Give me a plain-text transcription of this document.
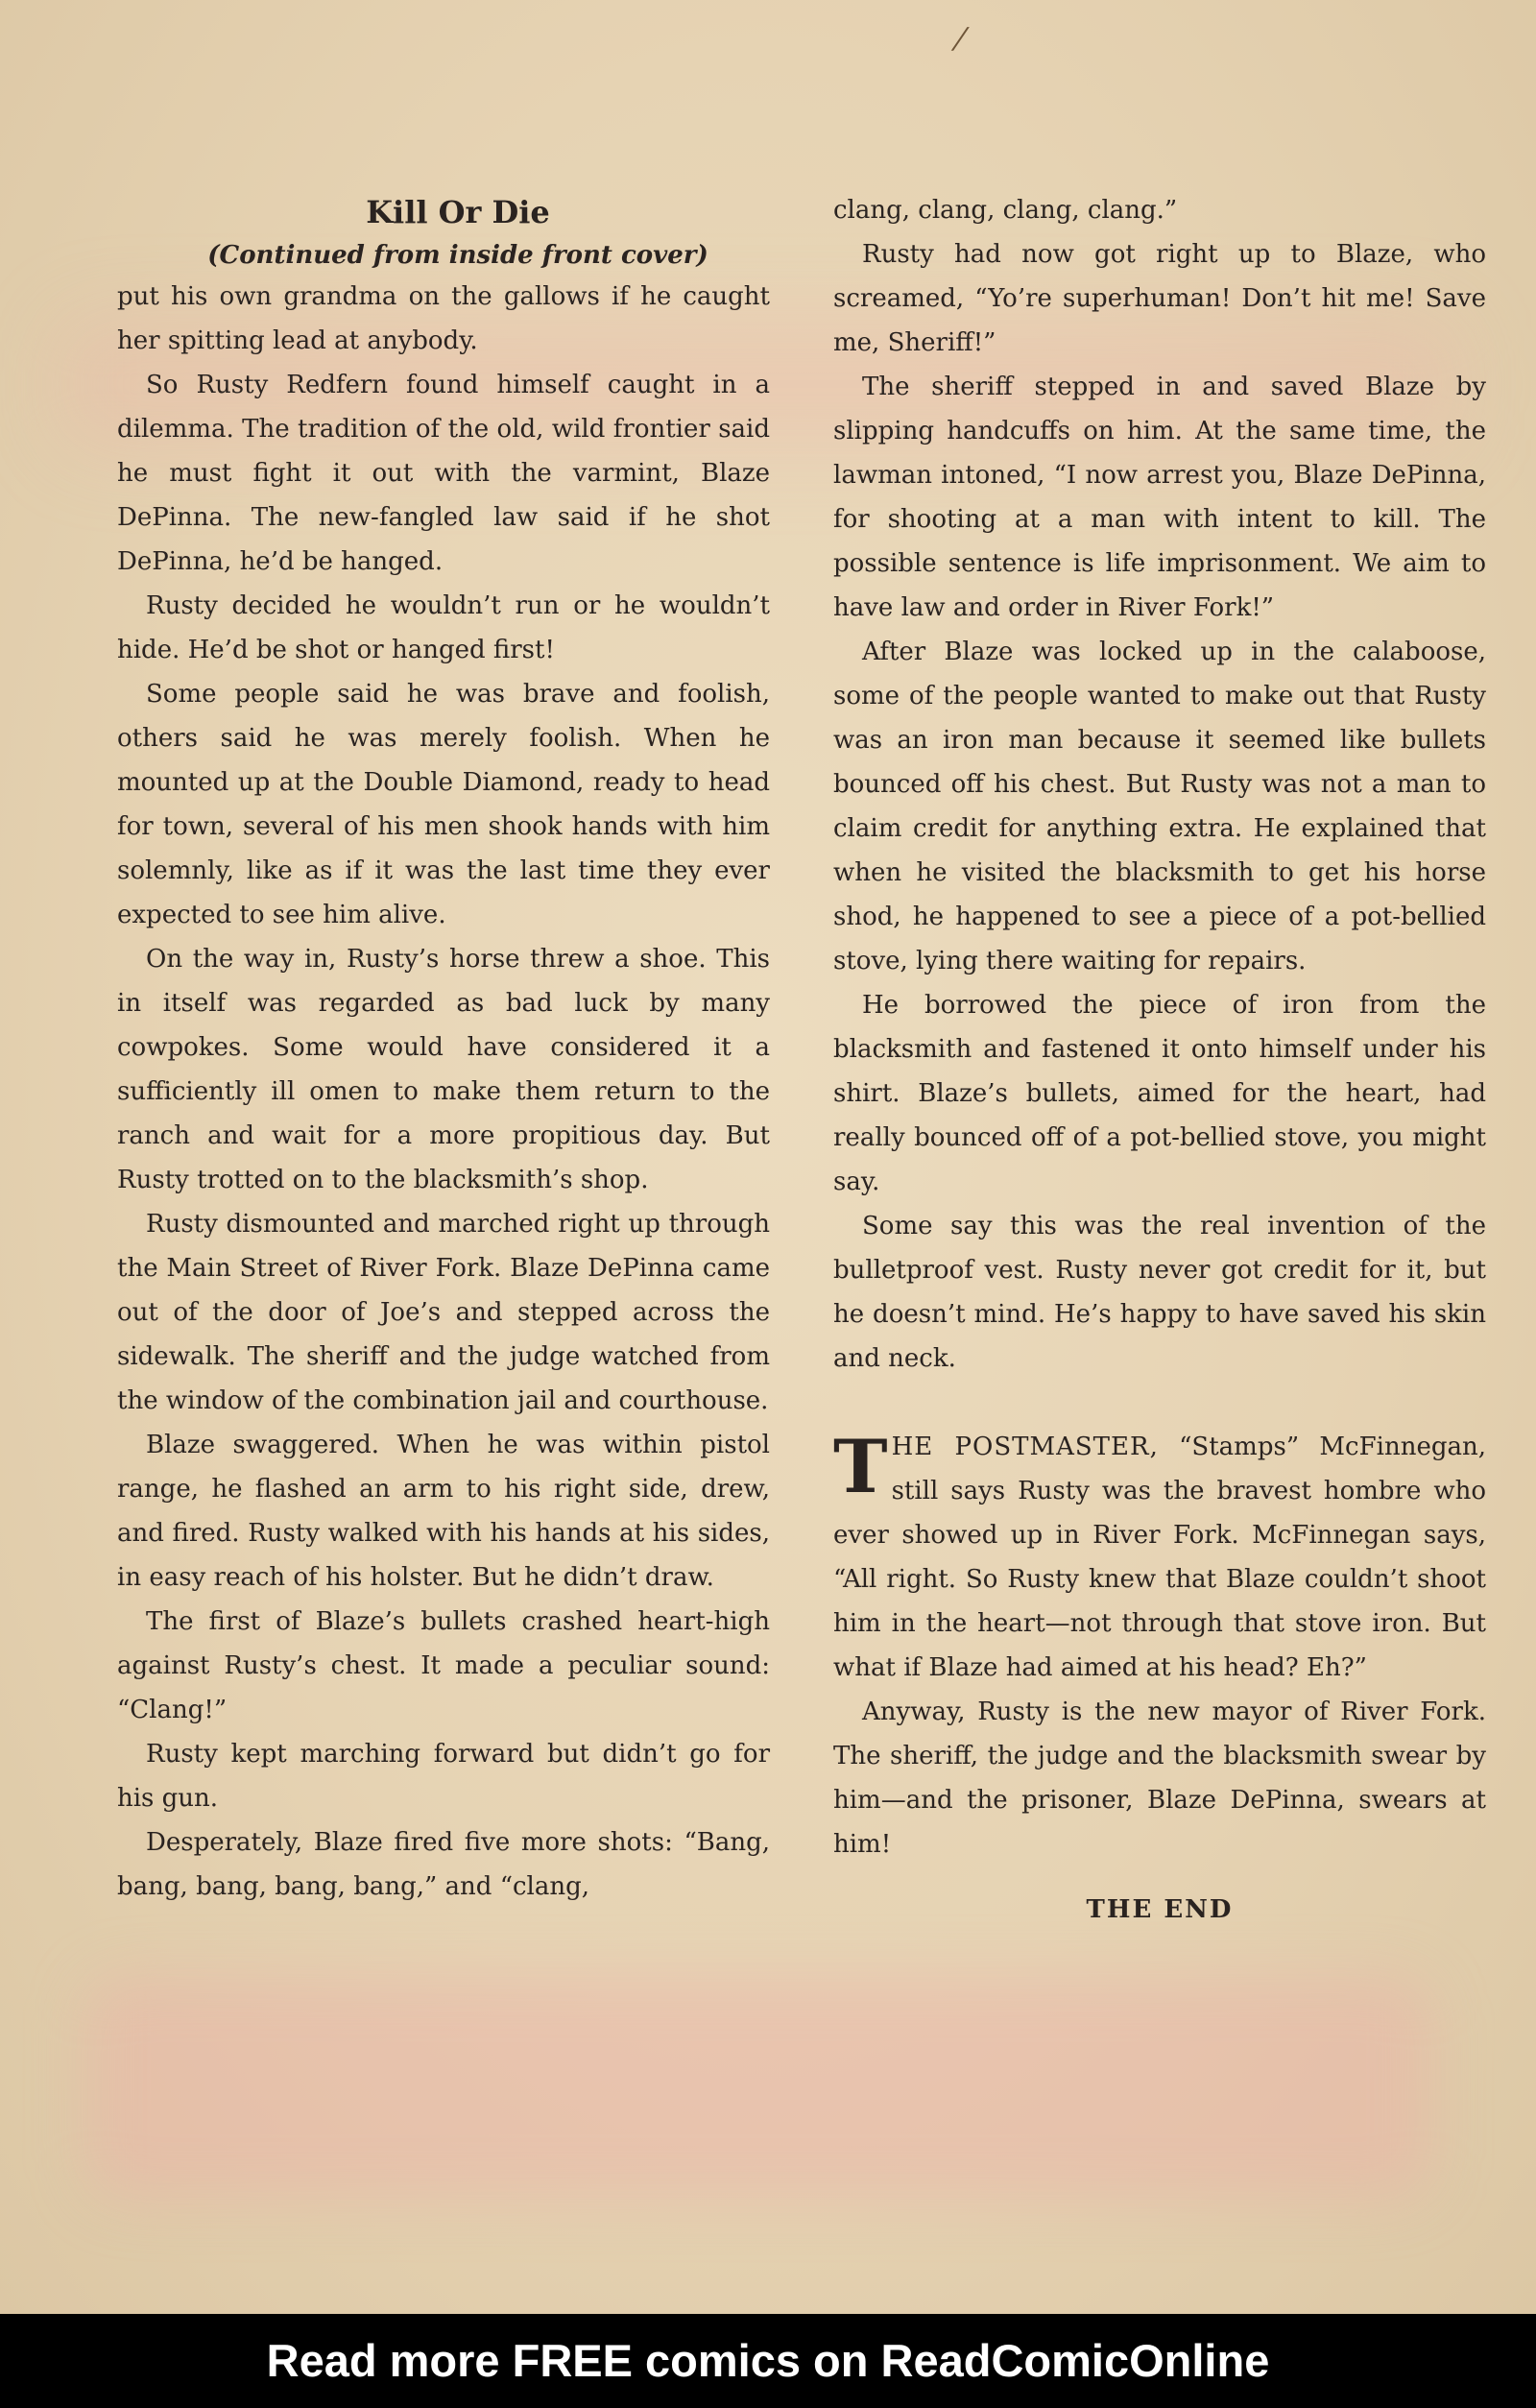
/

Kill Or Die

(Continued from inside front cover)

put his own grandma on the gallows if he caught her spitting lead at anybody.

So Rusty Redfern found himself caught in a dilemma. The tradition of the old, wild frontier said he must fight it out with the varmint, Blaze DePinna. The new-fangled law said if he shot DePinna, he’d be hanged.

Rusty decided he wouldn’t run or he wouldn’t hide. He’d be shot or hanged first!

Some people said he was brave and foolish, others said he was merely foolish. When he mounted up at the Double Diamond, ready to head for town, several of his men shook hands with him solemnly, like as if it was the last time they ever expected to see him alive.

On the way in, Rusty’s horse threw a shoe. This in itself was regarded as bad luck by many cowpokes. Some would have considered it a sufficiently ill omen to make them return to the ranch and wait for a more propitious day. But Rusty trotted on to the blacksmith’s shop.

Rusty dismounted and marched right up through the Main Street of River Fork. Blaze DePinna came out of the door of Joe’s and stepped across the sidewalk. The sheriff and the judge watched from the window of the combination jail and courthouse.

Blaze swaggered. When he was within pistol range, he flashed an arm to his right side, drew, and fired. Rusty walked with his hands at his sides, in easy reach of his holster. But he didn’t draw.

The first of Blaze’s bullets crashed heart-high against Rusty’s chest. It made a peculiar sound: “Clang!”

Rusty kept marching forward but didn’t go for his gun.

Desperately, Blaze fired five more shots: “Bang, bang, bang, bang, bang,” and “clang,

clang, clang, clang, clang.”

Rusty had now got right up to Blaze, who screamed, “Yo’re superhuman! Don’t hit me! Save me, Sheriff!”

The sheriff stepped in and saved Blaze by slipping handcuffs on him. At the same time, the lawman intoned, “I now arrest you, Blaze DePinna, for shooting at a man with intent to kill. The possible sentence is life imprisonment. We aim to have law and order in River Fork!”

After Blaze was locked up in the calaboose, some of the people wanted to make out that Rusty was an iron man because it seemed like bullets bounced off his chest. But Rusty was not a man to claim credit for anything extra. He explained that when he visited the blacksmith to get his horse shod, he happened to see a piece of a pot-bellied stove, lying there waiting for repairs.

He borrowed the piece of iron from the blacksmith and fastened it onto himself under his shirt. Blaze’s bullets, aimed for the heart, had really bounced off of a pot-bellied stove, you might say.

Some say this was the real invention of the bulletproof vest. Rusty never got credit for it, but he doesn’t mind. He’s happy to have saved his skin and neck.

THE POSTMASTER, “Stamps” McFinnegan, still says Rusty was the bravest hombre who ever showed up in River Fork. McFinnegan says, “All right. So Rusty knew that Blaze couldn’t shoot him in the heart—not through that stove iron. But what if Blaze had aimed at his head? Eh?”

Anyway, Rusty is the new mayor of River Fork. The sheriff, the judge and the blacksmith swear by him—and the prisoner, Blaze DePinna, swears at him!

THE END

Read more FREE comics on ReadComicOnline
